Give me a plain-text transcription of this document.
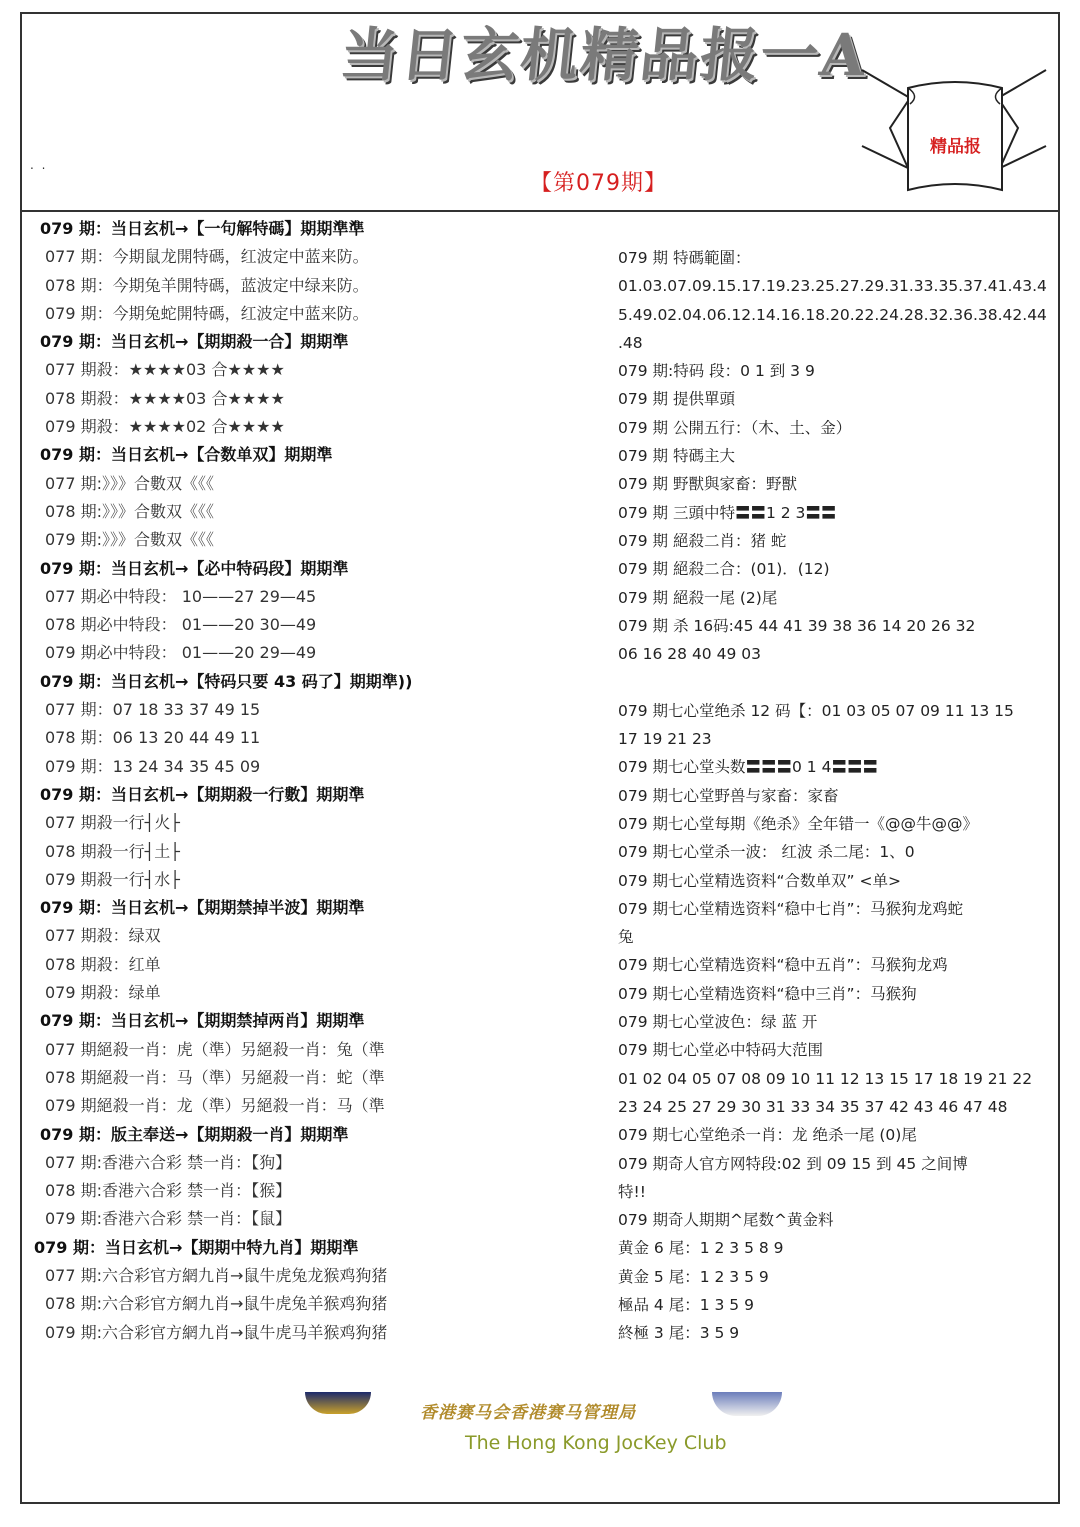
当日玄机精品报一A
. .
【第079期】
精品报
079 期：当日玄机→【一句解特碼】期期準準
077 期：今期鼠龙開特碼，红波定中蓝来防。
078 期：今期兔羊開特碼，蓝波定中绿来防。
079 期：今期兔蛇開特碼，红波定中蓝来防。
079 期：当日玄机→【期期殺一合】期期準
077 期殺：★★★★03 合★★★★
078 期殺：★★★★03 合★★★★
079 期殺：★★★★02 合★★★★
079 期：当日玄机→【合数单双】期期準
077 期:》》》合數双《《《
078 期:》》》合數双《《《
079 期:》》》合數双《《《
079 期：当日玄机→【必中特码段】期期準
077 期必中特段： 10——27 29—45
078 期必中特段： 01——20 30—49
079 期必中特段： 01——20 29—49
079 期：当日玄机→【特码只要 43 码了】期期準))
077 期：07 18 33 37 49 15
078 期：06 13 20 44 49 11
079 期：13 24 34 35 45 09
079 期：当日玄机→【期期殺一行數】期期準
077 期殺一行┤火├
078 期殺一行┤土├
079 期殺一行┤水├
079 期：当日玄机→【期期禁掉半波】期期準
077 期殺：绿双
078 期殺：红单
079 期殺：绿单
079 期：当日玄机→【期期禁掉两肖】期期準
077 期絕殺一肖：虎（準）另絕殺一肖：兔（準
078 期絕殺一肖：马（準）另絕殺一肖：蛇（準
079 期絕殺一肖：龙（準）另絕殺一肖：马（準
079 期：版主奉送→【期期殺一肖】期期準
077 期:香港六合彩 禁一肖：【狗】
078 期:香港六合彩 禁一肖：【猴】
079 期:香港六合彩 禁一肖：【鼠】
079 期：当日玄机→【期期中特九肖】期期準
077 期:六合彩官方網九肖→鼠牛虎兔龙猴鸡狗猪
078 期:六合彩官方網九肖→鼠牛虎兔羊猴鸡狗猪
079 期:六合彩官方網九肖→鼠牛虎马羊猴鸡狗猪
079 期 特碼範圍：
01.03.07.09.15.17.19.23.25.27.29.31.33.35.37.41.43.4
5.49.02.04.06.12.14.16.18.20.22.24.28.32.36.38.42.44
.48
079 期:特码 段：0 1 到 3 9
079 期 提供單頭
079 期 公開五行：（木、土、金）
079 期 特碼主大
079 期 野獸與家畜：野獸
079 期 三頭中特〓〓1 2 3〓〓
079 期 絕殺二肖：猪 蛇
079 期 絕殺二合：(01)．(12)
079 期 絕殺一尾 (2)尾
079 期 杀 16码:45 44 41 39 38 36 14 20 26 32
06 16 28 40 49 03
079 期七心堂绝杀 12 码【：01 03 05 07 09 11 13 15
17 19 21 23
079 期七心堂头数〓〓〓0 1 4〓〓〓
079 期七心堂野兽与家畜：家畜
079 期七心堂每期《绝杀》全年错一《@@牛@@》
079 期七心堂杀一波： 红波 杀二尾：1、0
079 期七心堂精选资料“合数单双” <单>
079 期七心堂精选资料“稳中七肖”：马猴狗龙鸡蛇
兔
079 期七心堂精选资料“稳中五肖”：马猴狗龙鸡
079 期七心堂精选资料“稳中三肖”：马猴狗
079 期七心堂波色：绿 蓝 开
079 期七心堂必中特码大范围
01 02 04 05 07 08 09 10 11 12 13 15 17 18 19 21 22
23 24 25 27 29 30 31 33 34 35 37 42 43 46 47 48
079 期七心堂绝杀一肖：龙 绝杀一尾 (0)尾
079 期奇人官方网特段:02 到 09 15 到 45 之间博
特!!
079 期奇人期期^尾数^黄金料
黄金 6 尾：1 2 3 5 8 9
黄金 5 尾：1 2 3 5 9
極品 4 尾：1 3 5 9
終極 3 尾：3 5 9
香港赛马会香港赛马管理局
The Hong Kong JocKey Club
